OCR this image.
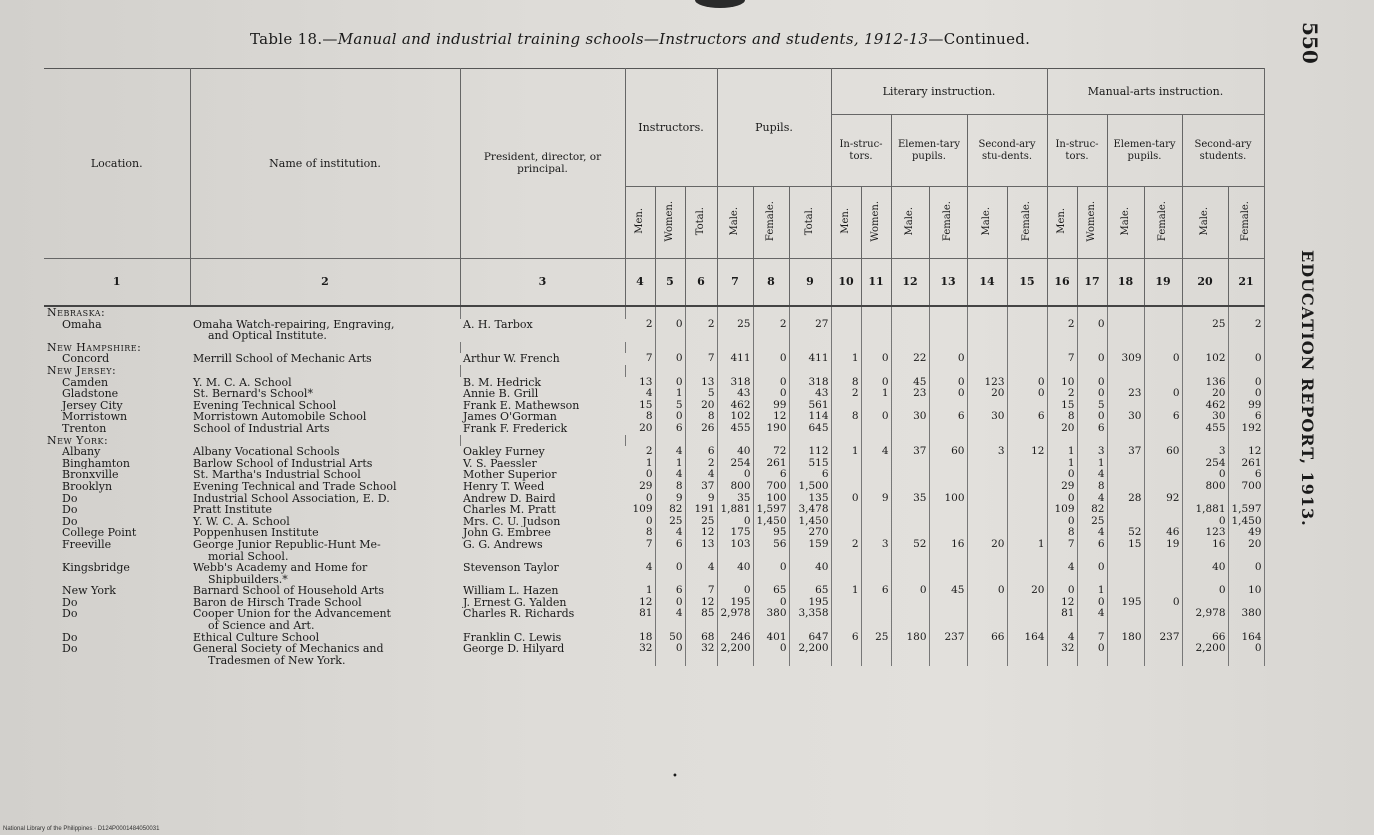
Table 18.—Manual and industrial training schools—Instructors and students, 1912-13—Continued.	550
EDUCATION REPORT, 1913.
Location.	Name of institution.	President, director, or principal.	Instructors.			Pupils.			Literary instruction.						Manual-arts instruction.					
									In-struc-tors.		Elemen-tary pupils.		Second-ary stu-dents.		In-struc-tors.		Elemen-tary pupils.		Second-ary students.	
			Men.	Women.	Total.	Male.	Female.	Total.	Men.	Women.	Male.	Female.	Male.	Female.	Men.	Women.	Male.	Female.	Male.	Female.
1	2	3	4	5	6	7	8	9	10	11	12	13	14	15	16	17	18	19	20	21
Nebraska:																				
Omaha	Omaha Watch-repairing, Engraving,	A. H. Tarbox	2	0	2	25	2	27							2	0			25	2
	and Optical Institute.																			
New Hampshire:																				
Concord	Merrill School of Mechanic Arts	Arthur W. French	7	0	7	411	0	411	1	0	22	0			7	0	309	0	102	0
New Jersey:																				
Camden	Y. M. C. A. School	B. M. Hedrick	13	0	13	318	0	318	8	0	45	0	123	0	10	0			136	0
Gladstone	St. Bernard's School*	Annie B. Grill	4	1	5	43	0	43	2	1	23	0	20	0	2	0	23	0	20	0
Jersey City	Evening Technical School	Frank E. Mathewson	15	5	20	462	99	561							15	5			462	99
Morristown	Morristown Automobile School	James O'Gorman	8	0	8	102	12	114	8	0	30	6	30	6	8	0	30	6	30	6
Trenton	School of Industrial Arts	Frank F. Frederick	20	6	26	455	190	645							20	6			455	192
New York:																				
Albany	Albany Vocational Schools	Oakley Furney	2	4	6	40	72	112	1	4	37	60	3	12	1	3	37	60	3	12
Binghamton	Barlow School of Industrial Arts	V. S. Paessler	1	1	2	254	261	515							1	1			254	261
Bronxville	St. Martha's Industrial School	Mother Superior	0	4	4	0	6	6							0	4			0	6
Brooklyn	Evening Technical and Trade School	Henry T. Weed	29	8	37	800	700	1,500							29	8			800	700
Do	Industrial School Association, E. D.	Andrew D. Baird	0	9	9	35	100	135	0	9	35	100			0	4	28	92		
Do	Pratt Institute	Charles M. Pratt	109	82	191	1,881	1,597	3,478							109	82			1,881	1,597
Do	Y. W. C. A. School	Mrs. C. U. Judson	0	25	25	0	1,450	1,450							0	25			0	1,450
College Point	Poppenhusen Institute	John G. Embree	8	4	12	175	95	270							8	4	52	46	123	49
Freeville	George Junior Republic-Hunt Me-	G. G. Andrews	7	6	13	103	56	159	2	3	52	16	20	1	7	6	15	19	16	20
	morial School.																			
Kingsbridge	Webb's Academy and Home for	Stevenson Taylor	4	0	4	40	0	40							4	0			40	0
	Shipbuilders.*																			
New York	Barnard School of Household Arts	William L. Hazen	1	6	7	0	65	65	1	6	0	45	0	20	0	1			0	10
Do	Baron de Hirsch Trade School	J. Ernest G. Yalden	12	0	12	195	0	195							12	0	195	0		
Do	Cooper Union for the Advancement	Charles R. Richards	81	4	85	2,978	380	3,358							81	4			2,978	380
	of Science and Art.																			
Do	Ethical Culture School	Franklin C. Lewis	18	50	68	246	401	647	6	25	180	237	66	164	4	7	180	237	66	164
Do	General Society of Mechanics and	George D. Hilyard	32	0	32	2,200	0	2,200							32	0			2,200	0
	Tradesmen of New York.																			
•
National Library of the Philippines · D124P0001484050031
